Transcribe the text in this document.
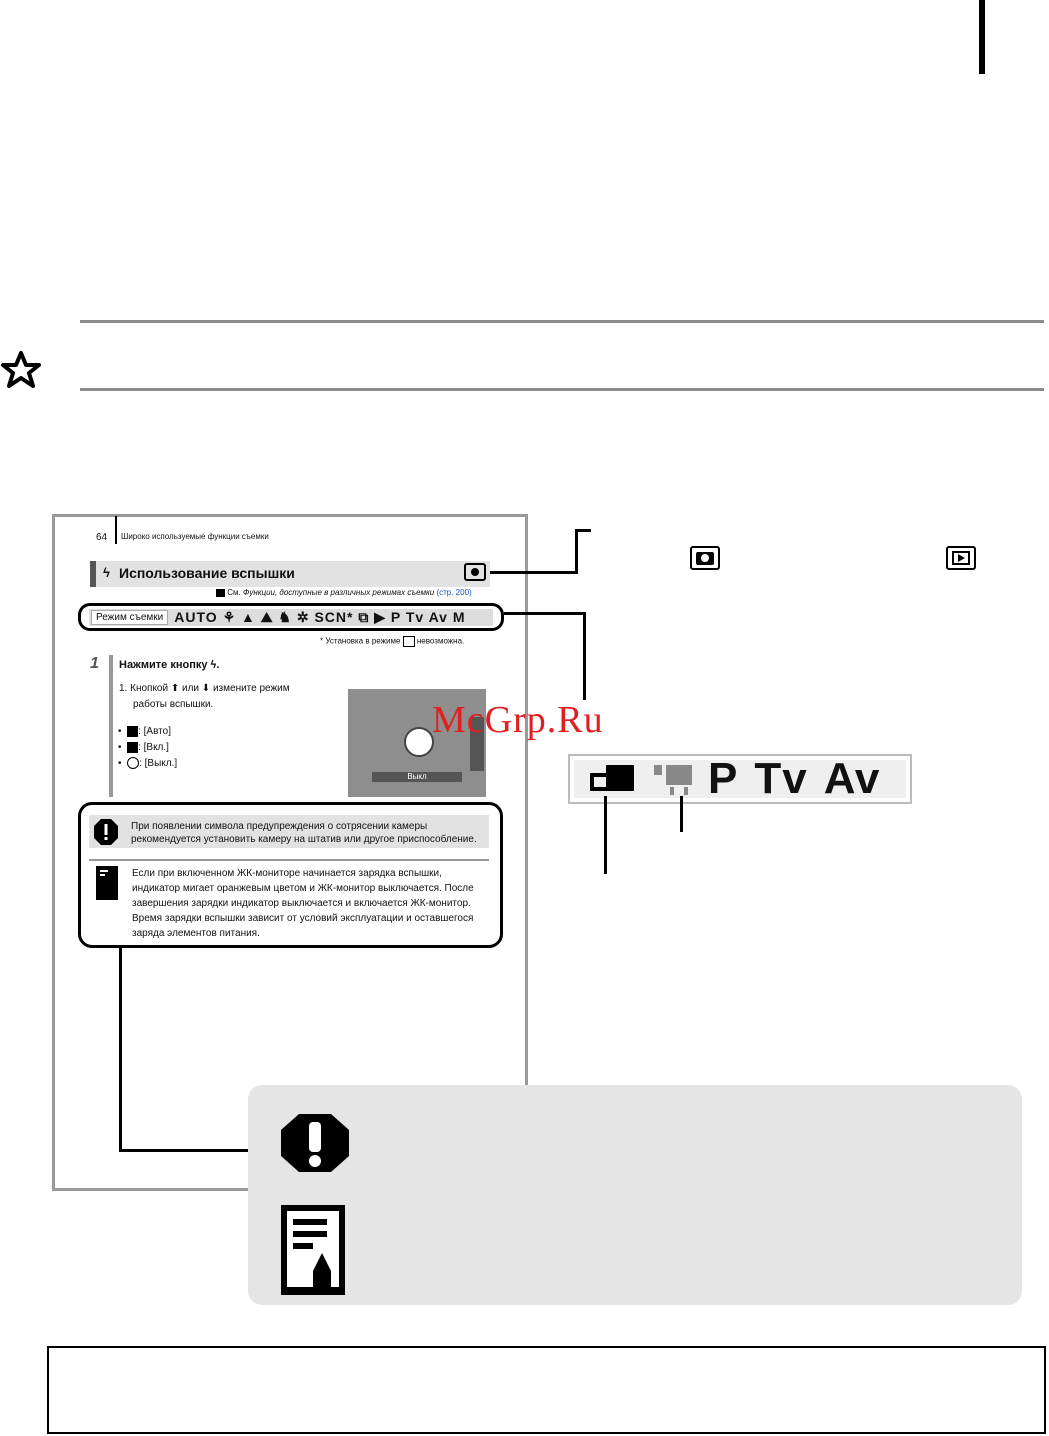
64 Широко используемые функции съемки
ϟ Использование вспышки
См. Функции, доступные в различных режимах съемки (стр. 200)
Режим съемки AUTO ⚘ ▲ ⛰ ♞ ✲ SCN* ⧉ ▶ P Tv Av M
* Установка в режиме невозможна.
1 Нажмите кнопку ϟ.
1. Кнопкой ⬆ или ⬇ измените режим
работы вспышки.
•  : [Авто]
•  : [Вкл.]
•  : [Выкл.]
Выкл
При появлении символа предупреждения о сотрясении камеры
рекомендуется установить камеру на штатив или другое приспособление.
Если при включенном ЖК-мониторе начинается зарядка вспышки,
индикатор мигает оранжевым цветом и ЖК-монитор выключается. После
завершения зарядки индикатор выключается и включается ЖК-монитор.
Время зарядки вспышки зависит от условий эксплуатации и оставшегося
заряда элементов питания.
McGrp.Ru
P Tv Av
